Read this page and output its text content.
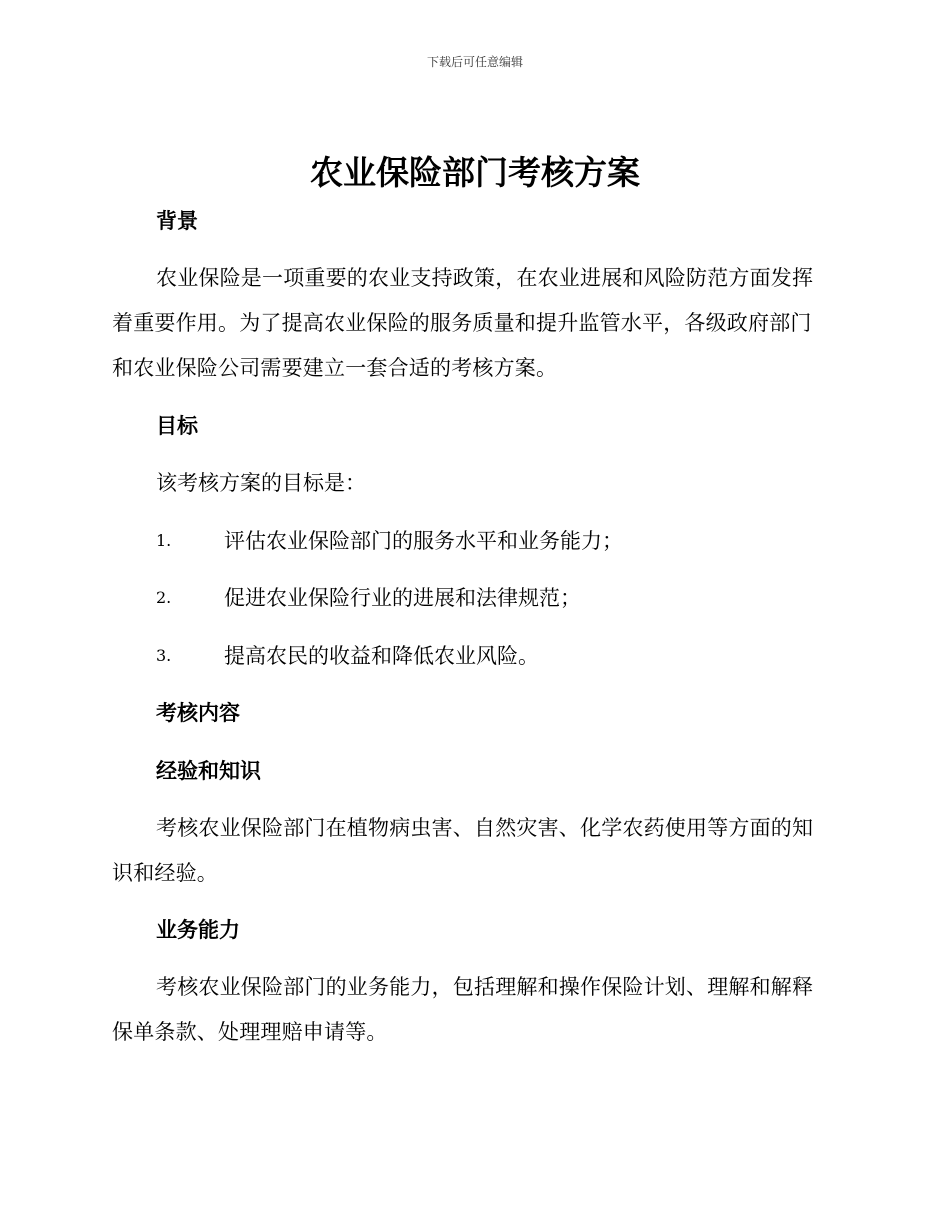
下载后可任意编辑
农业保险部门考核方案
背景

农业保险是一项重要的农业支持政策，在农业进展和风险防范方面发挥着重要作用。为了提高农业保险的服务质量和提升监管水平，各级政府部门和农业保险公司需要建立一套合适的考核方案。

目标

该考核方案的目标是：

1.	评估农业保险部门的服务水平和业务能力；
2.	促进农业保险行业的进展和法律规范；
3.	提高农民的收益和降低农业风险。
考核内容
经验和知识

考核农业保险部门在植物病虫害、自然灾害、化学农药使用等方面的知识和经验。

业务能力

考核农业保险部门的业务能力，包括理解和操作保险计划、理解和解释保单条款、处理理赔申请等。
